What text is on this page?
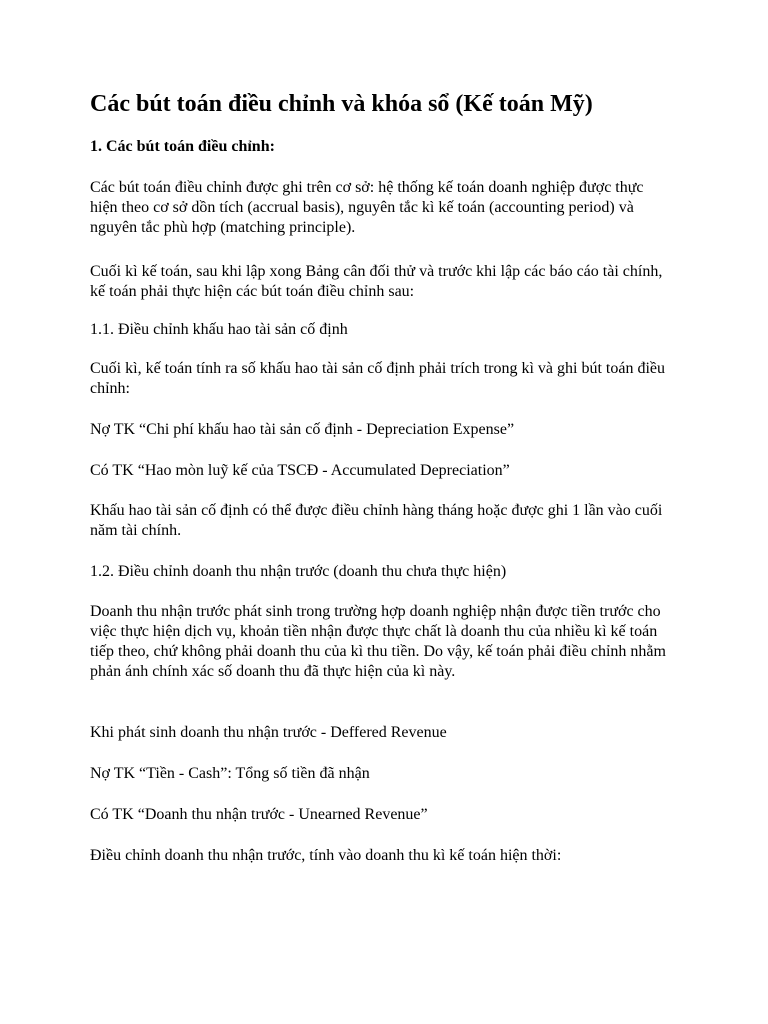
Các bút toán điều chỉnh và khóa sổ (Kế toán Mỹ)
1. Các bút toán điều chỉnh:

Các bút toán điều chỉnh được ghi trên cơ sở: hệ thống kế toán doanh nghiệp được thực hiện theo cơ sở dồn tích (accrual basis), nguyên tắc kì kế toán (accounting period) và nguyên tắc phù hợp (matching principle).

Cuối kì kế toán, sau khi lập xong Bảng cân đối thử và trước khi lập các báo cáo tài chính, kế toán phải thực hiện các bút toán điều chỉnh sau:

1.1. Điều chỉnh khấu hao tài sản cố định

Cuối kì, kế toán tính ra số khấu hao tài sản cố định phải trích trong kì và ghi bút toán điều chỉnh:

Nợ TK “Chi phí khấu hao tài sản cố định - Depreciation Expense”

Có TK “Hao mòn luỹ kế của TSCĐ - Accumulated Depreciation”

Khấu hao tài sản cố định có thể được điều chỉnh hàng tháng hoặc được ghi 1 lần vào cuối năm tài chính.

1.2. Điều chỉnh doanh thu nhận trước (doanh thu chưa thực hiện)

Doanh thu nhận trước phát sinh trong trường hợp doanh nghiệp nhận được tiền trước cho việc thực hiện dịch vụ, khoản tiền nhận được thực chất là doanh thu của nhiều kì kế toán tiếp theo, chứ không phải doanh thu của kì thu tiền. Do vậy, kế toán phải điều chỉnh nhằm phản ánh chính xác số doanh thu đã thực hiện của kì này.

Khi phát sinh doanh thu nhận trước - Deffered Revenue

Nợ TK “Tiền - Cash”: Tổng số tiền đã nhận

Có TK “Doanh thu nhận trước - Unearned Revenue”

Điều chỉnh doanh thu nhận trước, tính vào doanh thu kì kế toán hiện thời:
